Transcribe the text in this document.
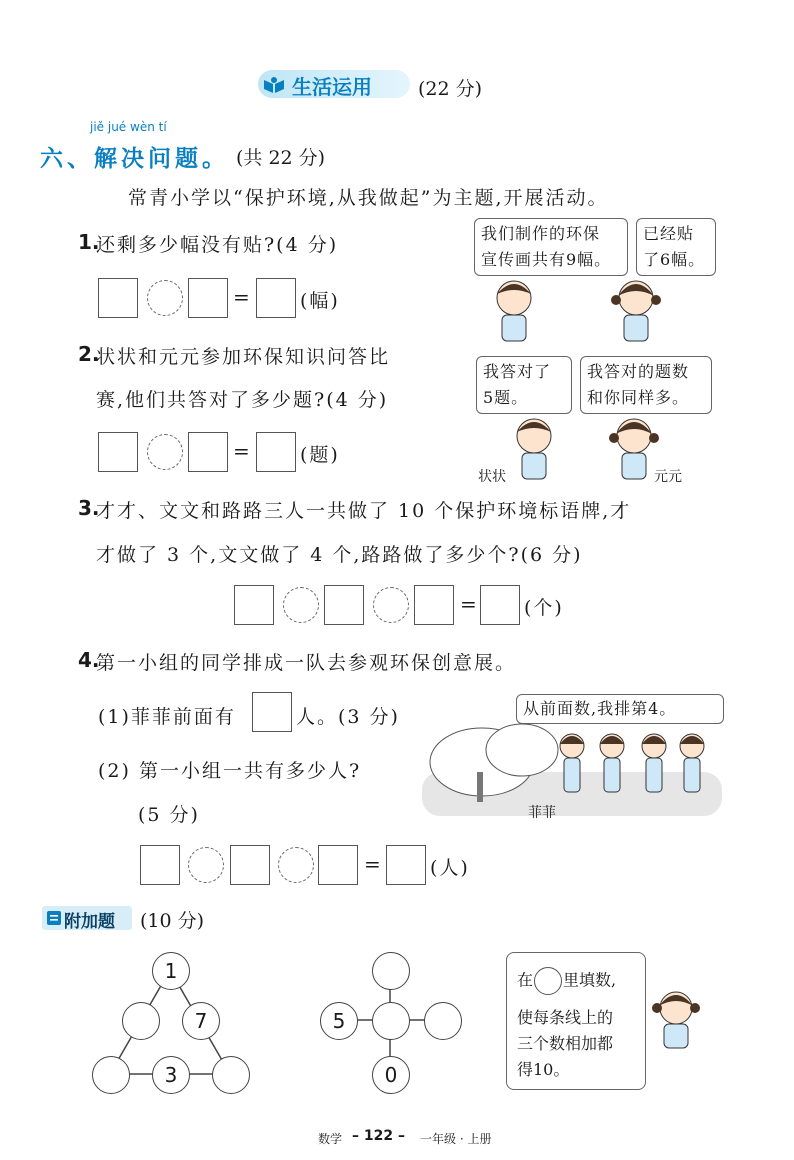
生活运用 (22 分)
jiě jué wèn tí
六、解决问题。 (共 22 分)
常青小学以“保护环境,从我做起”为主题,开展活动。
1.
还剩多少幅没有贴?(4 分)
=	(幅)
我们制作的环保
宣传画共有9幅。
已经贴
了6幅。
2.
状状和元元参加环保知识问答比
赛,他们共答对了多少题?(4 分)
=	(题)
我答对了
5题。
我答对的题数
和你同样多。
状状	元元
3.
才才、文文和路路三人一共做了 10 个保护环境标语牌,才
才做了 3 个,文文做了 4 个,路路做了多少个?(6 分)
= (个)
4.
第一小组的同学排成一队去参观环保创意展。
(1)菲菲前面有	人。(3 分)
(2) 第一小组一共有多少人?
(5 分)
=	(人)
从前面数,我排第4。
菲菲
附加题 (10 分)
1
7
3
5
0
在 里填数,
使每条线上的
三个数相加都
得10。
数学 – 122 – 一年级 · 上册
